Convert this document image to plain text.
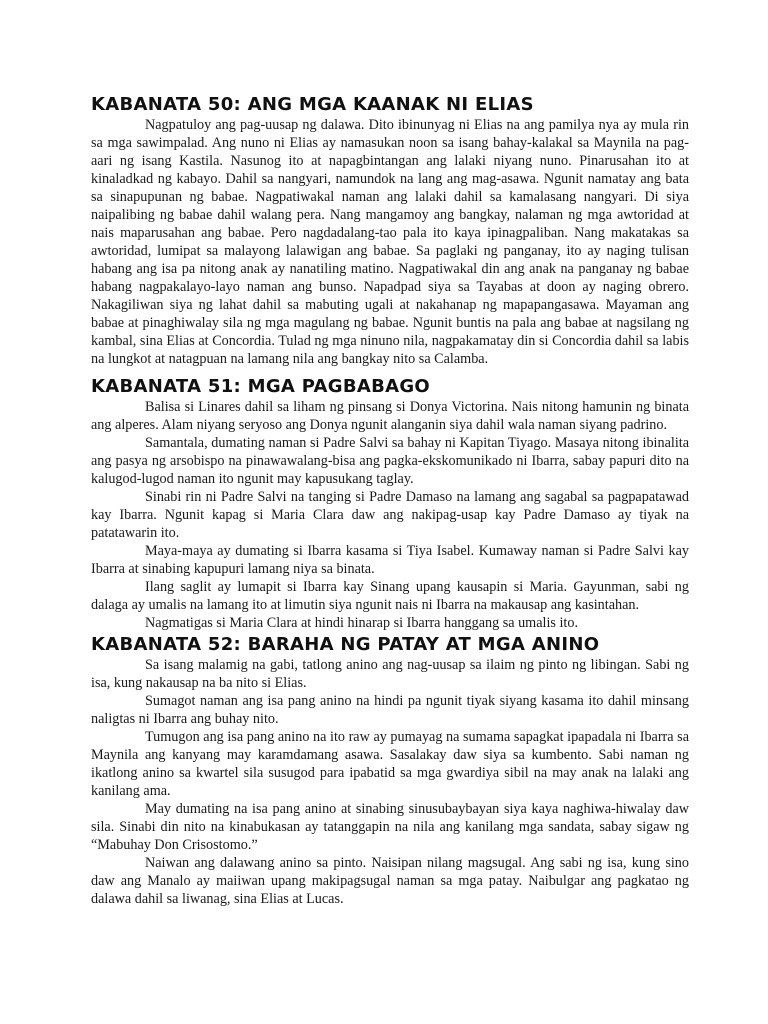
KABANATA 50: ANG MGA KAANAK NI ELIAS

Nagpatuloy ang pag-uusap ng dalawa. Dito ibinunyag ni Elias na ang pamilya nya ay mula rin sa mga sawimpalad. Ang nuno ni Elias ay namasukan noon sa isang bahay-kalakal sa Maynila na pag-aari ng isang Kastila. Nasunog ito at napagbintangan ang lalaki niyang nuno. Pinarusahan ito at kinaladkad ng kabayo. Dahil sa nangyari, namundok na lang ang mag-asawa. Ngunit namatay ang bata sa sinapupunan ng babae. Nagpatiwakal naman ang lalaki dahil sa kamalasang nangyari. Di siya naipalibing ng babae dahil walang pera. Nang mangamoy ang bangkay, nalaman ng mga awtoridad at nais maparusahan ang babae. Pero nagdadalang-tao pala ito kaya ipinagpaliban. Nang makatakas sa awtoridad, lumipat sa malayong lalawigan ang babae. Sa paglaki ng panganay, ito ay naging tulisan habang ang isa pa nitong anak ay nanatiling matino. Nagpatiwakal din ang anak na panganay ng babae habang nagpakalayo-layo naman ang bunso. Napadpad siya sa Tayabas at doon ay naging obrero. Nakagiliwan siya ng lahat dahil sa mabuting ugali at nakahanap ng mapapangasawa. Mayaman ang babae at pinaghiwalay sila ng mga magulang ng babae. Ngunit buntis na pala ang babae at nagsilang ng kambal, sina Elias at Concordia. Tulad ng mga ninuno nila, nagpakamatay din si Concordia dahil sa labis na lungkot at natagpuan na lamang nila ang bangkay nito sa Calamba.

KABANATA 51: MGA PAGBABAGO

Balisa si Linares dahil sa liham ng pinsang si Donya Victorina. Nais nitong hamunin ng binata ang alperes. Alam niyang seryoso ang Donya ngunit alanganin siya dahil wala naman siyang padrino.

Samantala, dumating naman si Padre Salvi sa bahay ni Kapitan Tiyago. Masaya nitong ibinalita ang pasya ng arsobispo na pinawawalang-bisa ang pagka-ekskomunikado ni Ibarra, sabay papuri dito na kalugod-lugod naman ito ngunit may kapusukang taglay.

Sinabi rin ni Padre Salvi na tanging si Padre Damaso na lamang ang sagabal sa pagpapatawad kay Ibarra. Ngunit kapag si Maria Clara daw ang nakipag-usap kay Padre Damaso ay tiyak na patatawarin ito.

Maya-maya ay dumating si Ibarra kasama si Tiya Isabel. Kumaway naman si Padre Salvi kay Ibarra at sinabing kapupuri lamang niya sa binata.

Ilang saglit ay lumapit si Ibarra kay Sinang upang kausapin si Maria. Gayunman, sabi ng dalaga ay umalis na lamang ito at limutin siya ngunit nais ni Ibarra na makausap ang kasintahan.

Nagmatigas si Maria Clara at hindi hinarap si Ibarra hanggang sa umalis ito.

KABANATA 52: BARAHA NG PATAY AT MGA ANINO

Sa isang malamig na gabi, tatlong anino ang nag-uusap sa ilaim ng pinto ng libingan. Sabi ng isa, kung nakausap na ba nito si Elias.

Sumagot naman ang isa pang anino na hindi pa ngunit tiyak siyang kasama ito dahil minsang naligtas ni Ibarra ang buhay nito.

Tumugon ang isa pang anino na ito raw ay pumayag na sumama sapagkat ipapadala ni Ibarra sa Maynila ang kanyang may karamdamang asawa. Sasalakay daw siya sa kumbento. Sabi naman ng ikatlong anino sa kwartel sila susugod para ipabatid sa mga gwardiya sibil na may anak na lalaki ang kanilang ama.

May dumating na isa pang anino at sinabing sinusubaybayan siya kaya naghiwa-hiwalay daw sila. Sinabi din nito na kinabukasan ay tatanggapin na nila ang kanilang mga sandata, sabay sigaw ng “Mabuhay Don Crisostomo.”

Naiwan ang dalawang anino sa pinto. Naisipan nilang magsugal. Ang sabi ng isa, kung sino daw ang Manalo ay maiiwan upang makipagsugal naman sa mga patay. Naibulgar ang pagkatao ng dalawa dahil sa liwanag, sina Elias at Lucas.
